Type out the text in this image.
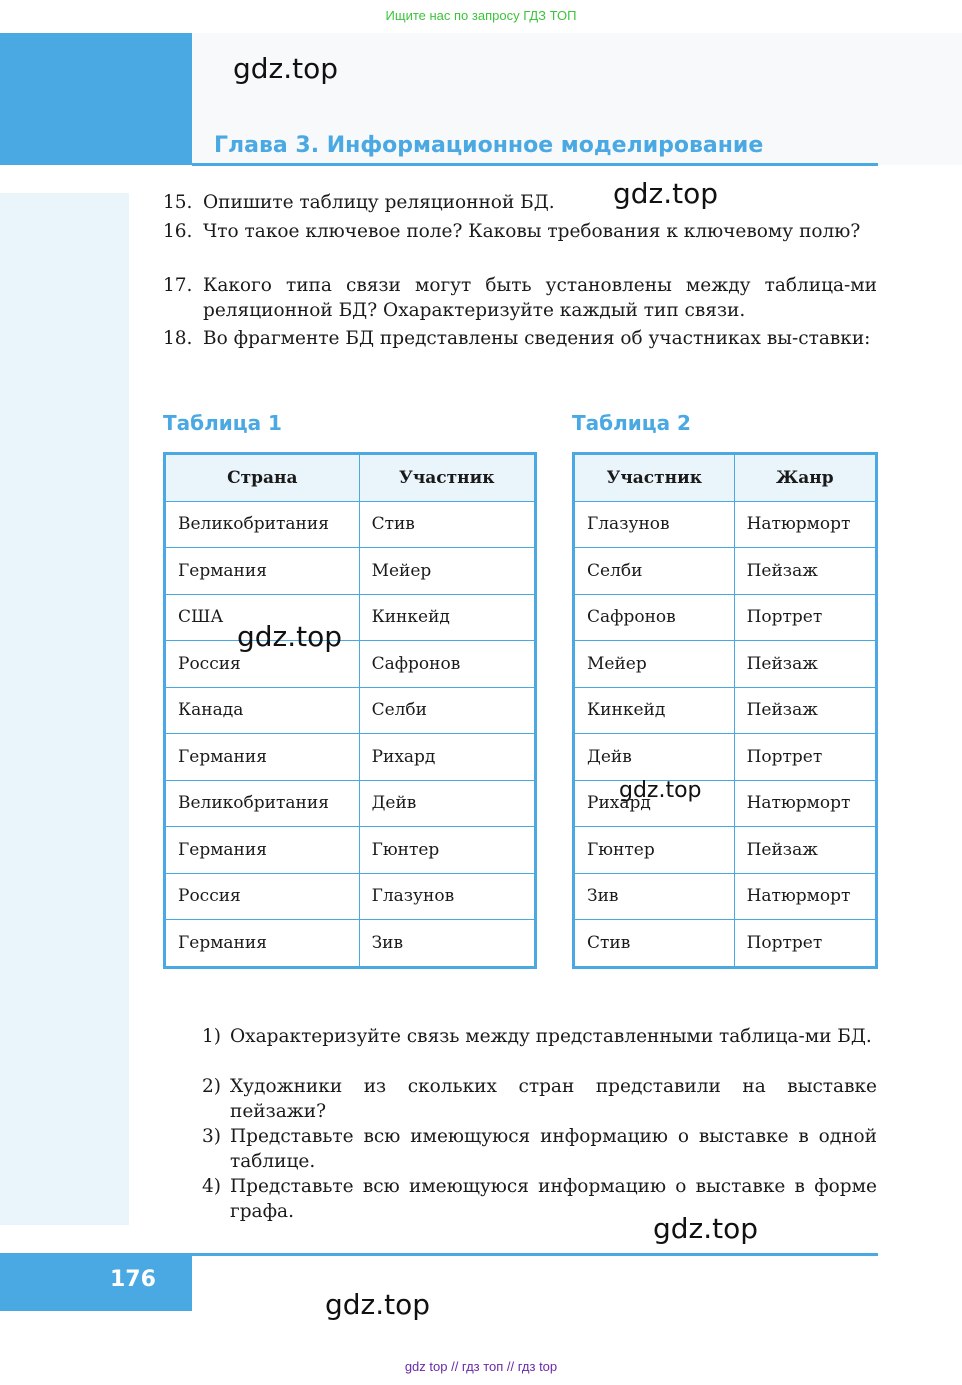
Ищите нас по запросу ГДЗ ТОП
gdz.top
Глава 3. Информационное моделирование
15. Опишите таблицу реляционной БД.	gdz.top
16. Что такое ключевое поле? Каковы требования к ключевому полю?
17. Какого типа связи могут быть установлены между таблица-ми реляционной БД? Охарактеризуйте каждый тип связи.
18. Во фрагменте БД представлены сведения об участниках вы-ставки:
Таблица 1	Таблица 2
Страна	Участник
Великобритания	Стив
Германия	Мейер
США	Кинкейд
Россия	Сафронов
Канада	Селби
Германия	Рихард
Великобритания	Дейв
Германия	Гюнтер
Россия	Глазунов
Германия	Зив
Участник	Жанр
Глазунов	Натюрморт
Селби	Пейзаж
Сафронов	Портрет
Мейер	Пейзаж
Кинкейд	Пейзаж
Дейв	Портрет
Рихард	Натюрморт
Гюнтер	Пейзаж
Зив	Натюрморт
Стив	Портрет
gdz.top
gdz.top
1) Охарактеризуйте связь между представленными таблица-ми БД.
2) Художники из скольких стран представили на выставке пейзажи?
3) Представьте всю имеющуюся информацию о выставке в одной таблице.
4) Представьте всю имеющуюся информацию о выставке в форме графа.
gdz.top
176
gdz.top
gdz top // гдз топ // гдз top
